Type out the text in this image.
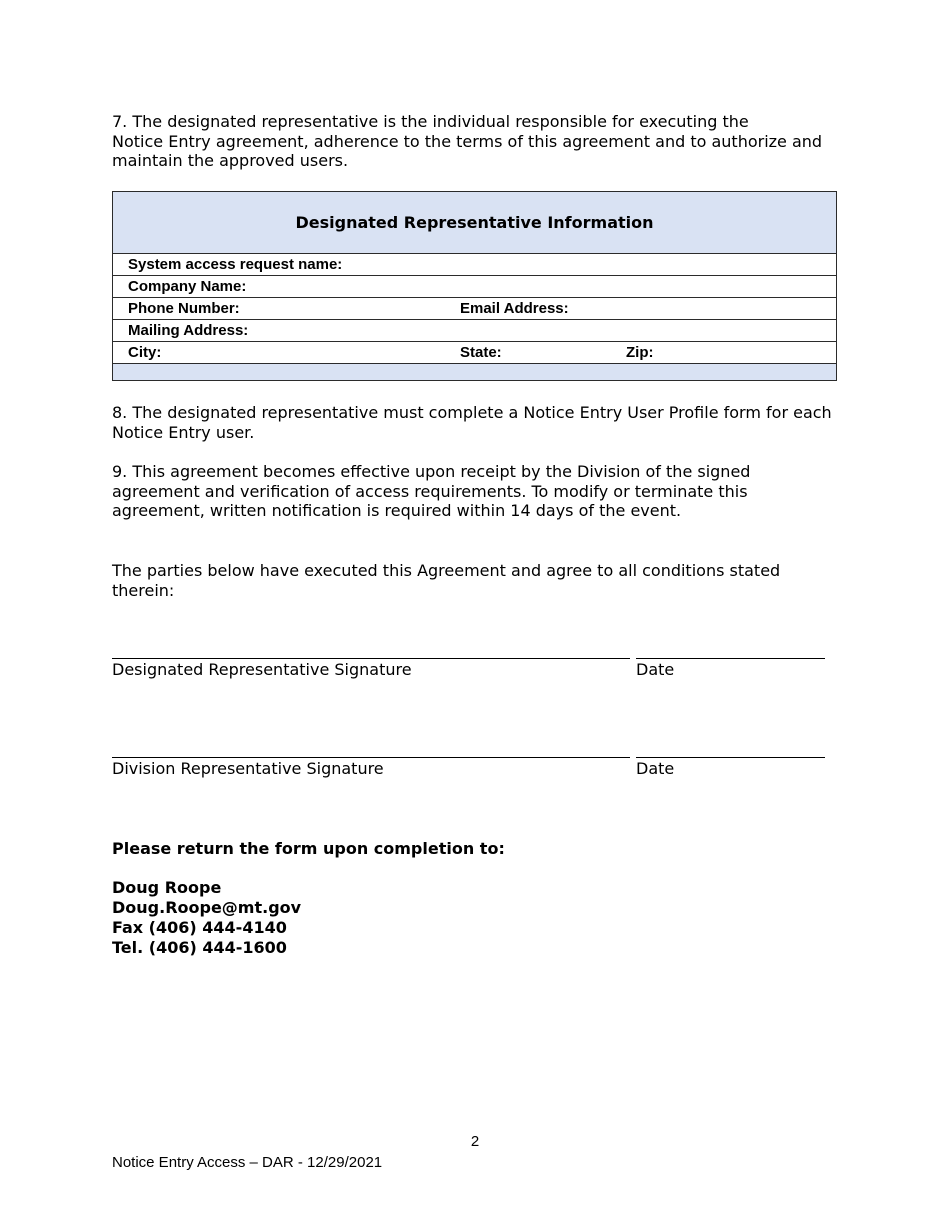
7. The designated representative is the individual responsible for executing the
Notice Entry agreement, adherence to the terms of this agreement and to authorize and
maintain the approved users.
Designated Representative Information
System access request name:
Company Name:
Phone Number:	Email Address:
Mailing Address:
City:	State:	Zip:
8. The designated representative must complete a Notice Entry User Profile form for each
Notice Entry user.
9. This agreement becomes effective upon receipt by the Division of the signed
agreement and verification of access requirements. To modify or terminate this
agreement, written notification is required within 14 days of the event.
The parties below have executed this Agreement and agree to all conditions stated therein:
Designated Representative Signature	Date
Division Representative Signature	Date
Please return the form upon completion to:
Doug Roope
Doug.Roope@mt.gov
Fax (406) 444-4140
Tel. (406) 444-1600
2
Notice Entry Access – DAR - 12/29/2021
